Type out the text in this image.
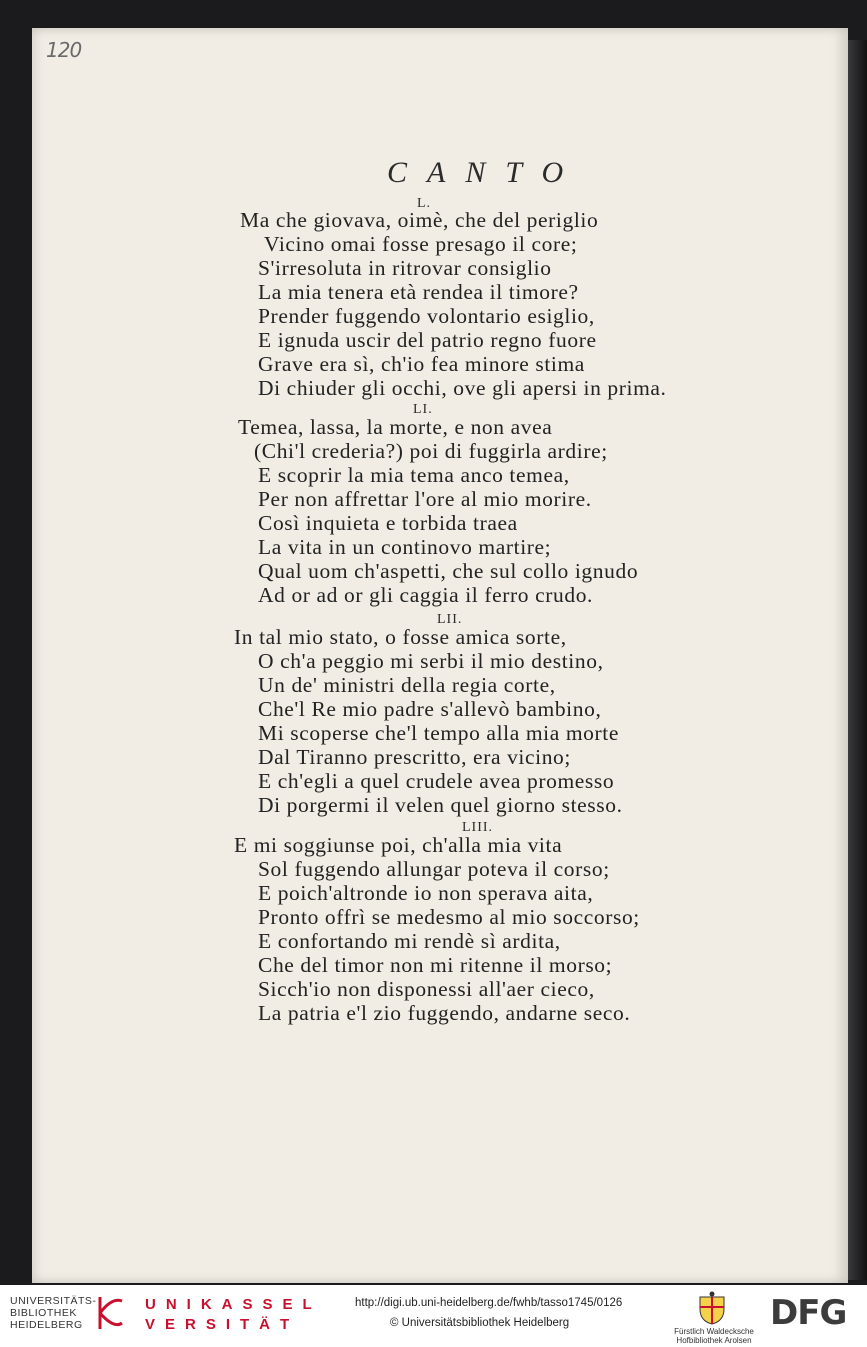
120
CANTO
L.
Ma che giovava, oimè, che del periglio
Vicino omai fosse presago il core;
S'irresoluta in ritrovar consiglio
La mia tenera età rendea il timore?
Prender fuggendo volontario esiglio,
E ignuda uscir del patrio regno fuore
Grave era sì, ch'io fea minore stima
Di chiuder gli occhi, ove gli apersi in prima.
LI.
Temea, lassa, la morte, e non avea
(Chi'l crederia?) poi di fuggirla ardire;
E scoprir la mia tema anco temea,
Per non affrettar l'ore al mio morire.
Così inquieta e torbida traea
La vita in un continovo martire;
Qual uom ch'aspetti, che sul collo ignudo
Ad or ad or gli caggia il ferro crudo.
LII.
In tal mio stato, o fosse amica sorte,
O ch'a peggio mi serbi il mio destino,
Un de' ministri della regia corte,
Che'l Re mio padre s'allevò bambino,
Mi scoperse che'l tempo alla mia morte
Dal Tiranno prescritto, era vicino;
E ch'egli a quel crudele avea promesso
Di porgermi il velen quel giorno stesso.
LIII.
E mi soggiunse poi, ch'alla mia vita
Sol fuggendo allungar poteva il corso;
E poich'altronde io non sperava aita,
Pronto offrì se medesmo al mio soccorso;
E confortando mi rendè sì ardita,
Che del timor non mi ritenne il morso;
Sicch'io non disponessi all'aer cieco,
La patria e'l zio fuggendo, andarne seco.
UNIVERSITÄTS-
BIBLIOTHEK
HEIDELBERG
UNIKASSEL
VERSITÄT
http://digi.ub.uni-heidelberg.de/fwhb/tasso1745/0126
© Universitätsbibliothek Heidelberg
Fürstlich Waldecksche
Hofbibliothek Arolsen
DFG
